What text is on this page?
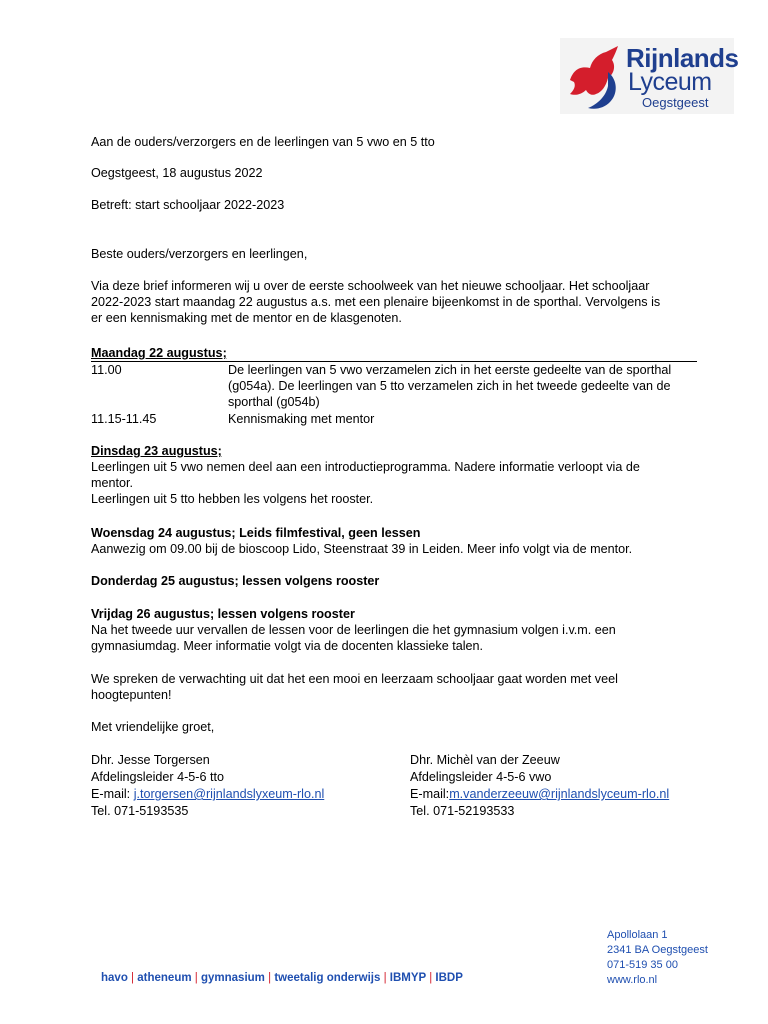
Rijnlands
Lyceum
Oegstgeest
Aan de ouders/verzorgers en de leerlingen van 5 vwo en 5 tto
Oegstgeest, 18 augustus 2022
Betreft: start schooljaar 2022-2023
Beste ouders/verzorgers en leerlingen,
Via deze brief informeren wij u over de eerste schoolweek van het nieuwe schooljaar. Het schooljaar
2022-2023 start maandag 22 augustus a.s. met een plenaire bijeenkomst in de sporthal. Vervolgens is
er een kennismaking met de mentor en de klasgenoten.
Maandag 22 augustus;
11.00	De leerlingen van 5 vwo verzamelen zich in het eerste gedeelte van de sporthal
(g054a). De leerlingen van 5 tto verzamelen zich in het tweede gedeelte van de
sporthal (g054b)
11.15-11.45	Kennismaking met mentor
Dinsdag 23 augustus;
Leerlingen uit 5 vwo nemen deel aan een introductieprogramma. Nadere informatie verloopt via de
mentor.
Leerlingen uit 5 tto hebben les volgens het rooster.
Woensdag 24 augustus; Leids filmfestival, geen lessen
Aanwezig om 09.00 bij de bioscoop Lido, Steenstraat 39 in Leiden. Meer info volgt via de mentor.
Donderdag 25 augustus; lessen volgens rooster
Vrijdag 26 augustus; lessen volgens rooster
Na het tweede uur vervallen de lessen voor de leerlingen die het gymnasium volgen i.v.m. een
gymnasiumdag. Meer informatie volgt via de docenten klassieke talen.
We spreken de verwachting uit dat het een mooi en leerzaam schooljaar gaat worden met veel
hoogtepunten!
Met vriendelijke groet,
Dhr. Jesse Torgersen
Afdelingsleider 4-5-6 tto
E-mail: j.torgersen@rijnlandslyxeum-rlo.nl
Tel. 071-5193535
Dhr. Michèl van der Zeeuw
Afdelingsleider 4-5-6 vwo
E-mail:m.vanderzeeuw@rijnlandslyceum-rlo.nl
Tel. 071-52193533
havo | atheneum | gymnasium | tweetalig onderwijs | IBMYP | IBDP
Apollolaan 1
2341 BA Oegstgeest
071-519 35 00
www.rlo.nl
